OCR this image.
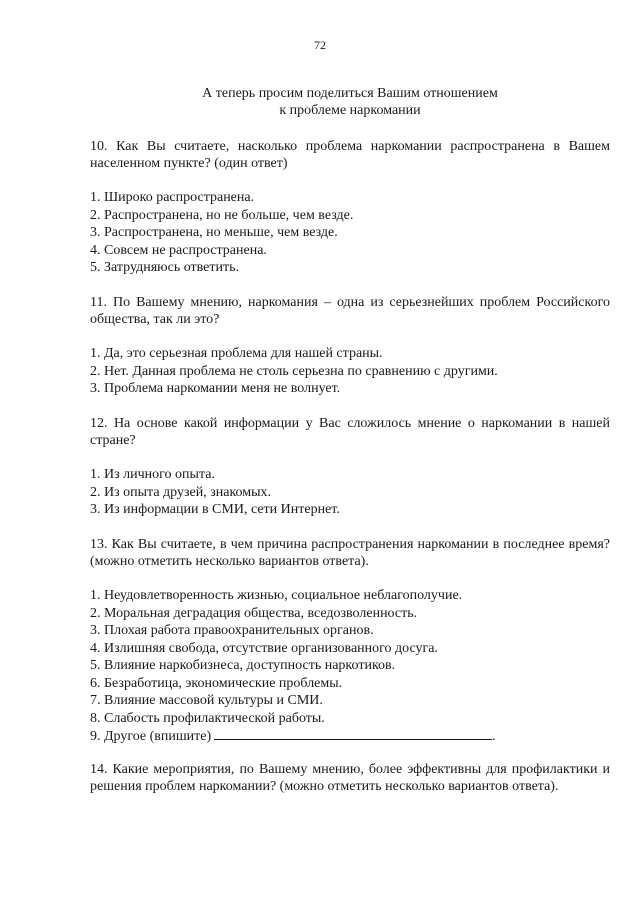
72
А теперь просим поделиться Вашим отношением
к проблеме наркомании
10. Как Вы считаете, насколько проблема наркомании распространена в Вашем населенном пункте? (один ответ)
1. Широко распространена.
2. Распространена, но не больше, чем везде.
3. Распространена, но меньше, чем везде.
4. Совсем не распространена.
5. Затрудняюсь ответить.
11. По Вашему мнению, наркомания – одна из серьезнейших проблем Российского общества, так ли это?
1. Да, это серьезная проблема для нашей страны.
2. Нет. Данная проблема не столь серьезна по сравнению с другими.
3. Проблема наркомании меня не волнует.
12. На основе какой информации у Вас сложилось мнение о наркомании в нашей стране?
1. Из личного опыта.
2. Из опыта друзей, знакомых.
3. Из информации в СМИ, сети Интернет.
13. Как Вы считаете, в чем причина распространения наркомании в последнее время? (можно отметить несколько вариантов ответа).
1. Неудовлетворенность жизнью, социальное неблагополучие.
2. Моральная деградация общества, вседозволенность.
3. Плохая работа правоохранительных органов.
4. Излишняя свобода, отсутствие организованного досуга.
5. Влияние наркобизнеса, доступность наркотиков.
6. Безработица, экономические проблемы.
7. Влияние массовой культуры и СМИ.
8. Слабость профилактической работы.
9. Другое (впишите)	.
14. Какие мероприятия, по Вашему мнению, более эффективны для профилактики и решения проблем наркомании? (можно отметить несколько вариантов ответа).
